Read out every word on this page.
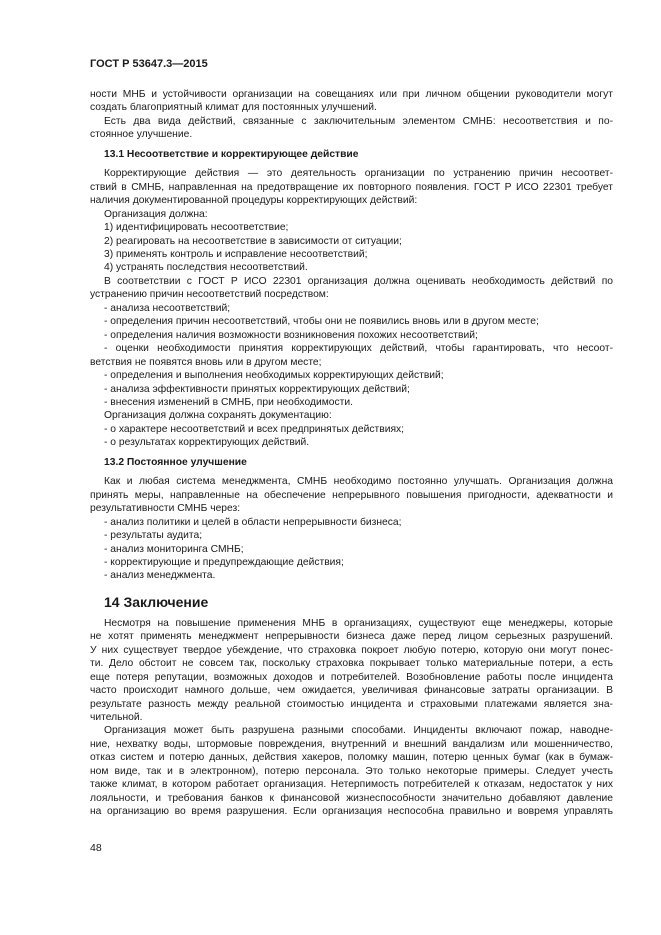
ГОСТ Р 53647.3—2015

ности МНБ и устойчивости организации на совещаниях или при личном общении руководители могут

создать благоприятный климат для постоянных улучшений.

Есть два вида действий, связанные с заключительным элементом СМНБ: несоответствия и по-

стоянное улучшение.

13.1 Несоответствие и корректирующее действие

Корректирующие действия — это деятельность организации по устранению причин несоответ-

ствий в СМНБ, направленная на предотвращение их повторного появления. ГОСТ Р ИСО 22301 требует

наличия документированной процедуры корректирующих действий:

Организация должна:

1) идентифицировать несоответствие;

2) реагировать на несоответствие в зависимости от ситуации;

3) применять контроль и исправление несоответствий;

4) устранять последствия несоответствий.

В соответствии с ГОСТ Р ИСО 22301 организация должна оценивать необходимость действий по

устранению причин несоответствий посредством:

- анализа несоответствий;

- определения причин несоответствий, чтобы они не появились вновь или в другом месте;

- определения наличия возможности возникновения похожих несоответствий;

- оценки необходимости принятия корректирующих действий, чтобы гарантировать, что несоот-

ветствия не появятся вновь или в другом месте;

- определения и выполнения необходимых корректирующих действий;

- анализа эффективности принятых корректирующих действий;

- внесения изменений в СМНБ, при необходимости.

Организация должна сохранять документацию:

- о характере несоответствий и всех предпринятых действиях;

- о результатах корректирующих действий.

13.2 Постоянное улучшение

Как и любая система менеджмента, СМНБ необходимо постоянно улучшать. Организация должна

принять меры, направленные на обеспечение непрерывного повышения пригодности, адекватности и

результативности СМНБ через:

- анализ политики и целей в области непрерывности бизнеса;

- результаты аудита;

- анализ мониторинга СМНБ;

- корректирующие и предупреждающие действия;

- анализ менеджмента.

14 Заключение

Несмотря на повышение применения МНБ в организациях, существуют еще менеджеры, которые

не хотят применять менеджмент непрерывности бизнеса даже перед лицом серьезных разрушений.

У них существует твердое убеждение, что страховка покроет любую потерю, которую они могут понес-

ти. Дело обстоит не совсем так, поскольку страховка покрывает только материальные потери, а есть

еще потеря репутации, возможных доходов и потребителей. Возобновление работы после инцидента

часто происходит намного дольше, чем ожидается, увеличивая финансовые затраты организации. В

результате разность между реальной стоимостью инцидента и страховыми платежами является зна-

чительной.

Организация может быть разрушена разными способами. Инциденты включают пожар, наводне-

ние, нехватку воды, штормовые повреждения, внутренний и внешний вандализм или мошенничество,

отказ систем и потерю данных, действия хакеров, поломку машин, потерю ценных бумаг (как в бумаж-

ном виде, так и в электронном), потерю персонала. Это только некоторые примеры. Следует учесть

также климат, в котором работает организация. Нетерпимость потребителей к отказам, недостаток у них

лояльности, и требования банков к финансовой жизнеспособности значительно добавляют давление

на организацию во время разрушения. Если организация неспособна правильно и вовремя управлять

48
